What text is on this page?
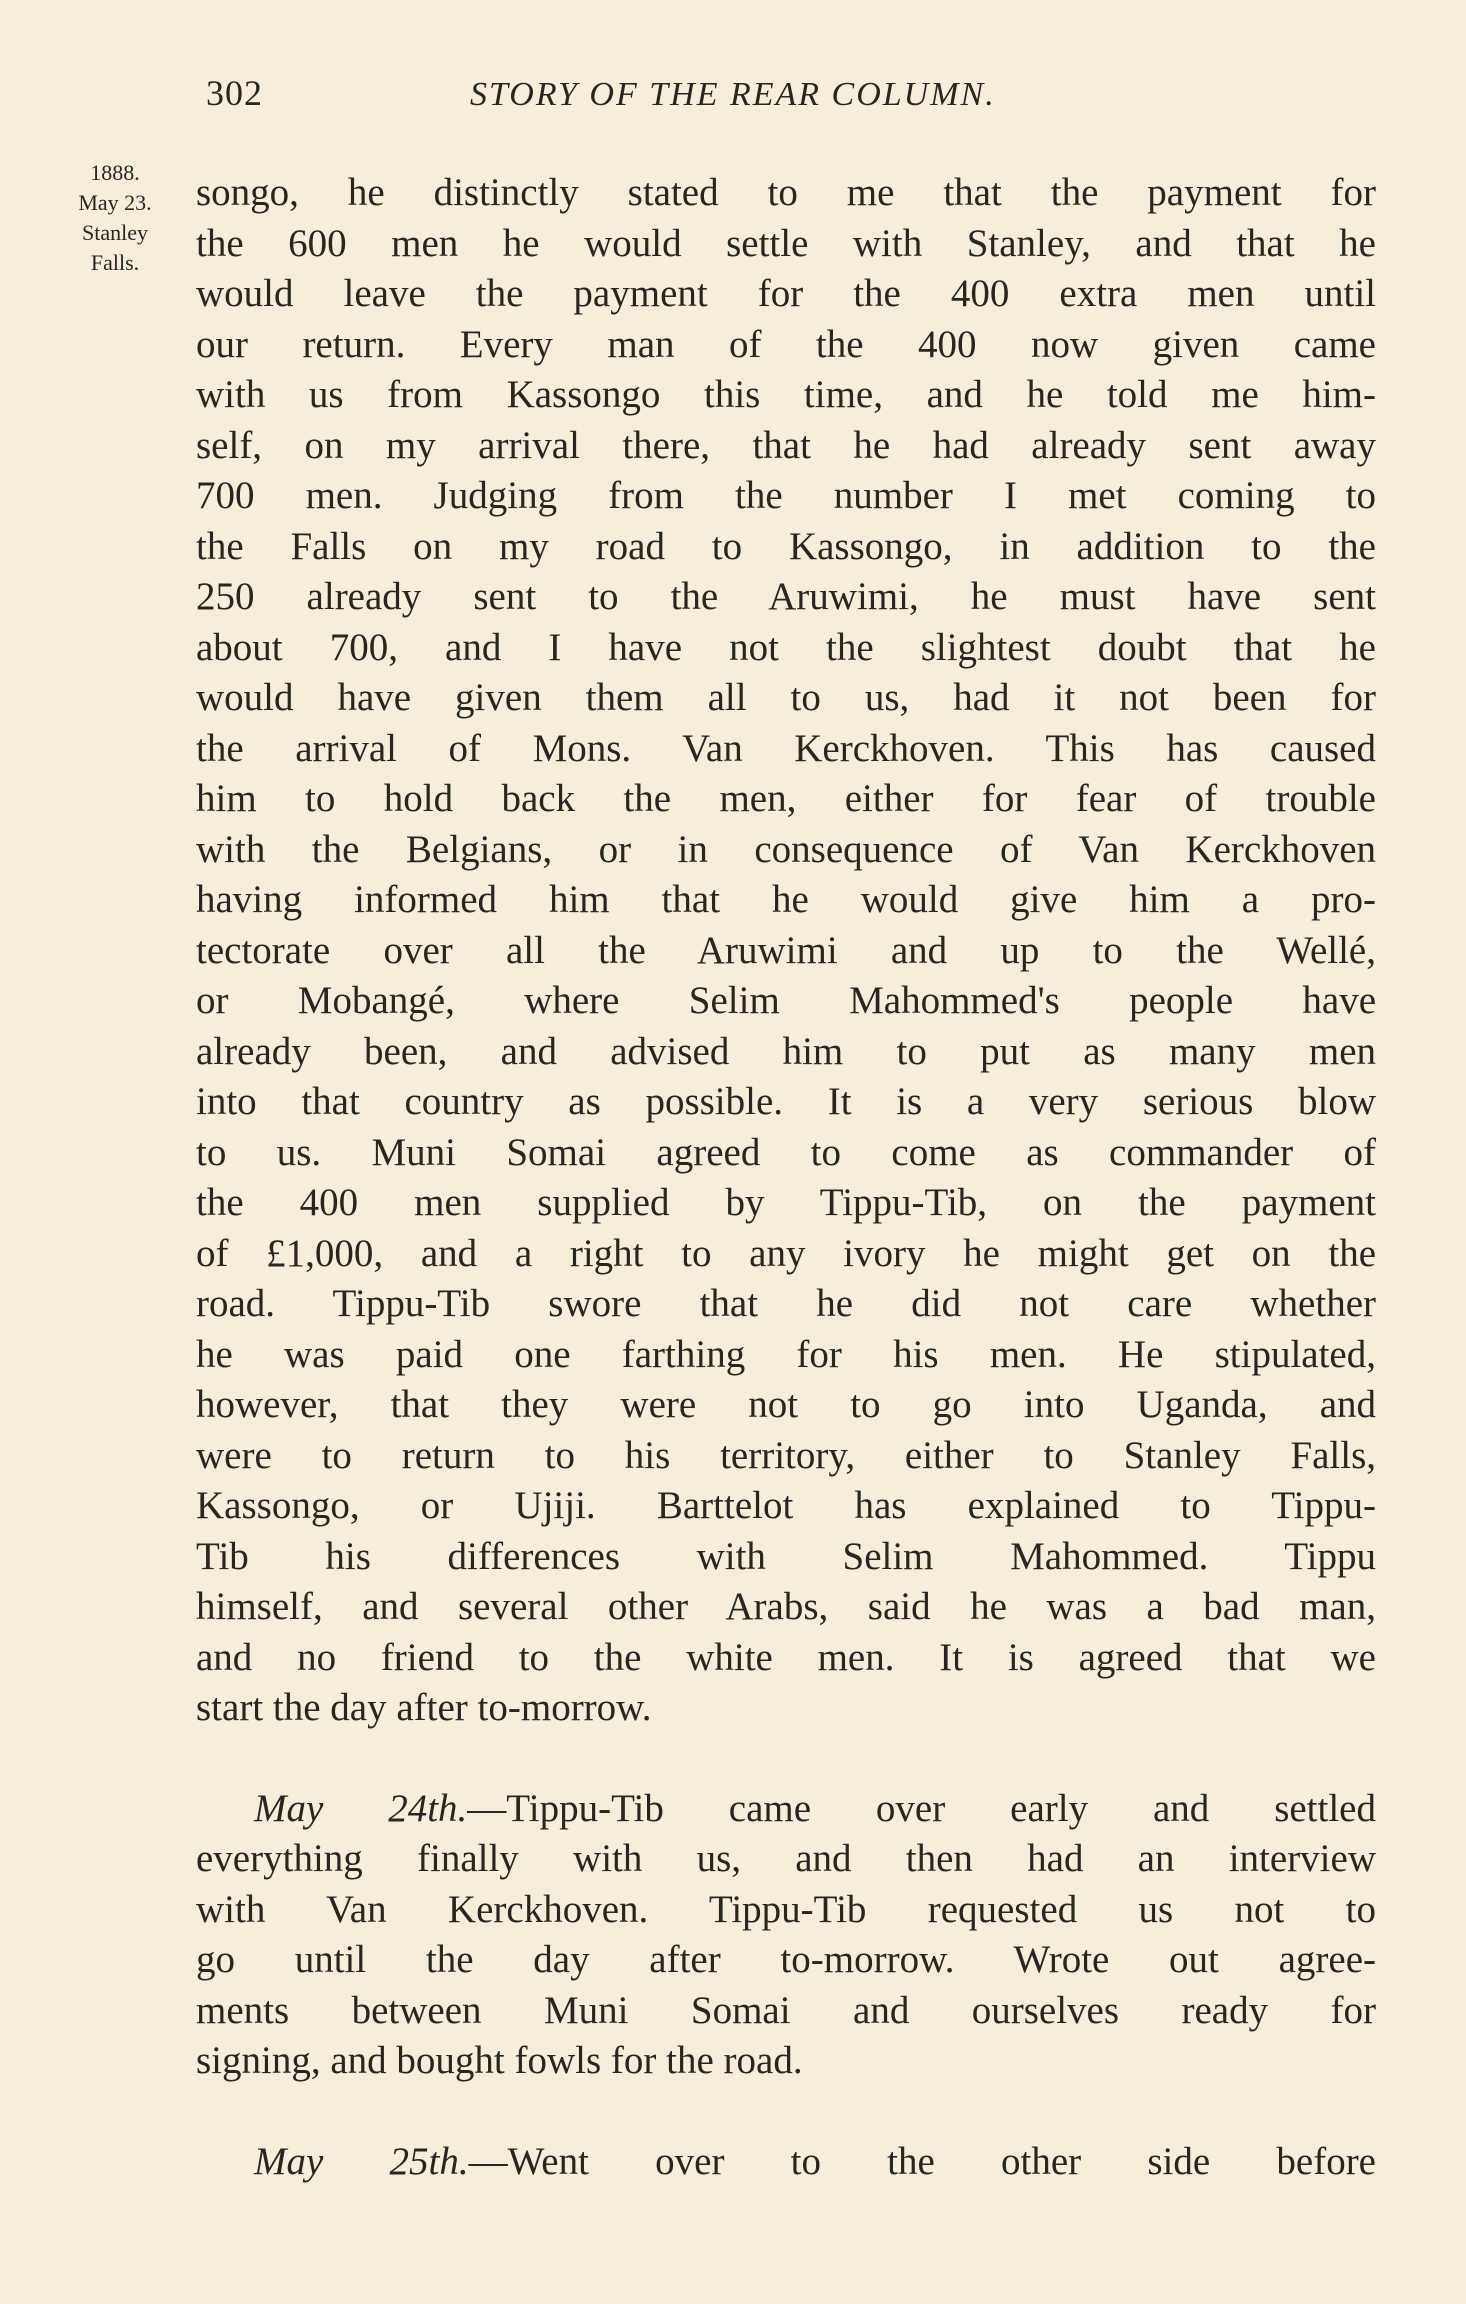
302	STORY OF THE REAR COLUMN.
1888.
May 23.
Stanley
Falls.
songo, he distinctly stated to me that the payment for
the 600 men he would settle with Stanley, and that he
would leave the payment for the 400 extra men until
our return. Every man of the 400 now given came
with us from Kassongo this time, and he told me him-
self, on my arrival there, that he had already sent away
700 men. Judging from the number I met coming to
the Falls on my road to Kassongo, in addition to the
250 already sent to the Aruwimi, he must have sent
about 700, and I have not the slightest doubt that he
would have given them all to us, had it not been for
the arrival of Mons. Van Kerckhoven. This has caused
him to hold back the men, either for fear of trouble
with the Belgians, or in consequence of Van Kerckhoven
having informed him that he would give him a pro-
tectorate over all the Aruwimi and up to the Wellé,
or Mobangé, where Selim Mahommed's people have
already been, and advised him to put as many men
into that country as possible. It is a very serious blow
to us. Muni Somai agreed to come as commander of
the 400 men supplied by Tippu-Tib, on the payment
of £1,000, and a right to any ivory he might get on the
road. Tippu-Tib swore that he did not care whether
he was paid one farthing for his men. He stipulated,
however, that they were not to go into Uganda, and
were to return to his territory, either to Stanley Falls,
Kassongo, or Ujiji. Barttelot has explained to Tippu-
Tib his differences with Selim Mahommed. Tippu
himself, and several other Arabs, said he was a bad man,
and no friend to the white men. It is agreed that we
start the day after to-morrow.
May 24th.—Tippu-Tib came over early and settled
everything finally with us, and then had an interview
with Van Kerckhoven. Tippu-Tib requested us not to
go until the day after to-morrow. Wrote out agree-
ments between Muni Somai and ourselves ready for
signing, and bought fowls for the road.
May 25th.—Went over to the other side before
